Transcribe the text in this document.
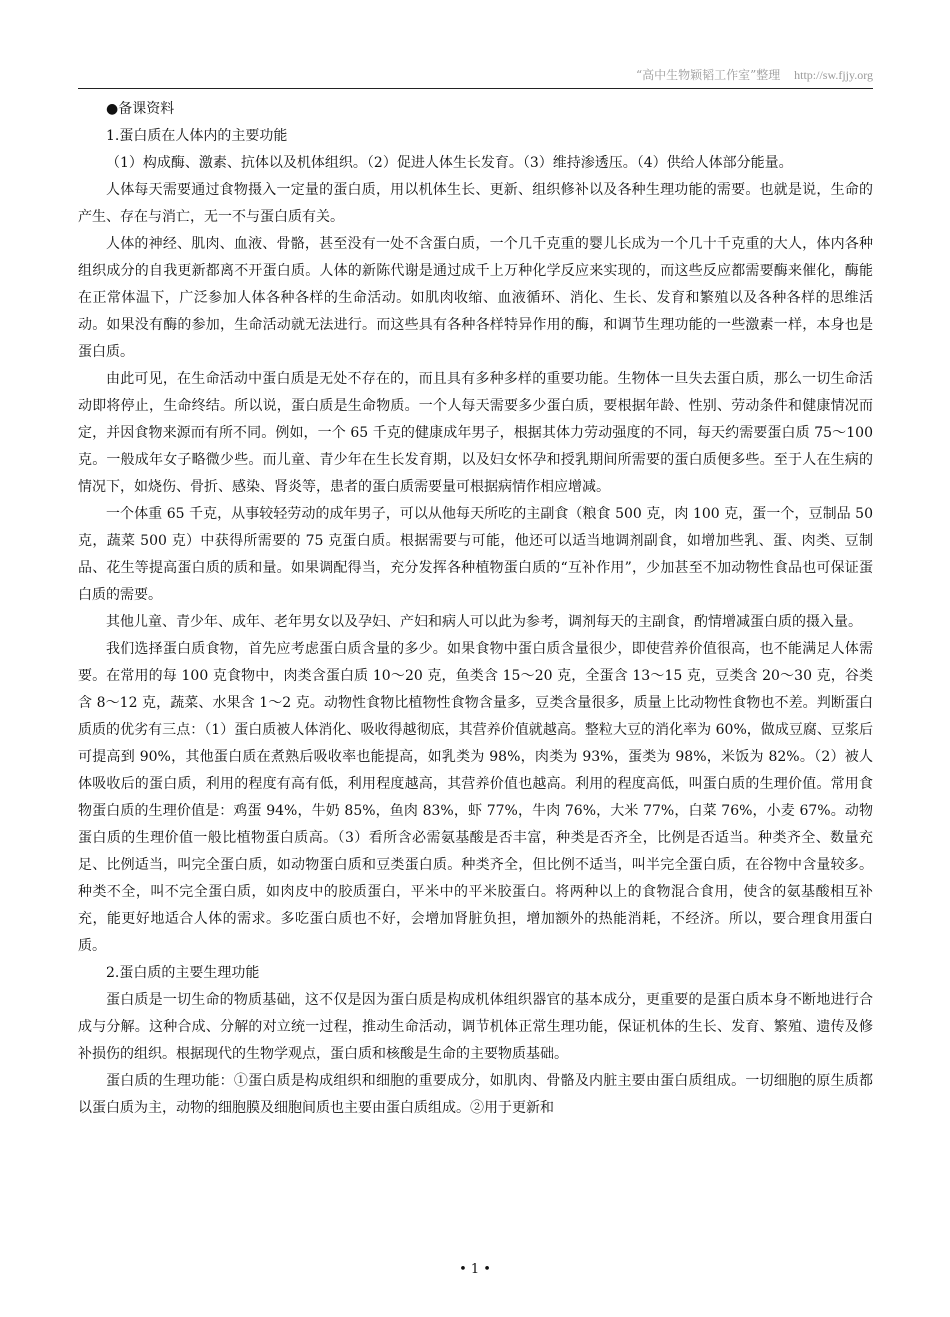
“高中生物颖韬工作室”整理 http://sw.fjjy.org

●备课资料

1.蛋白质在人体内的主要功能

（1）构成酶、激素、抗体以及机体组织。（2）促进人体生长发育。（3）维持渗透压。（4）供给人体部分能量。

人体每天需要通过食物摄入一定量的蛋白质，用以机体生长、更新、组织修补以及各种生理功能的需要。也就是说，生命的产生、存在与消亡，无一不与蛋白质有关。

人体的神经、肌肉、血液、骨骼，甚至没有一处不含蛋白质，一个几千克重的婴儿长成为一个几十千克重的大人，体内各种组织成分的自我更新都离不开蛋白质。人体的新陈代谢是通过成千上万种化学反应来实现的，而这些反应都需要酶来催化，酶能在正常体温下，广泛参加人体各种各样的生命活动。如肌肉收缩、血液循环、消化、生长、发育和繁殖以及各种各样的思维活动。如果没有酶的参加，生命活动就无法进行。而这些具有各种各样特异作用的酶，和调节生理功能的一些激素一样，本身也是蛋白质。

由此可见，在生命活动中蛋白质是无处不存在的，而且具有多种多样的重要功能。生物体一旦失去蛋白质，那么一切生命活动即将停止，生命终结。所以说，蛋白质是生命物质。一个人每天需要多少蛋白质，要根据年龄、性别、劳动条件和健康情况而定，并因食物来源而有所不同。例如，一个 65 千克的健康成年男子，根据其体力劳动强度的不同，每天约需要蛋白质 75～100 克。一般成年女子略微少些。而儿童、青少年在生长发育期，以及妇女怀孕和授乳期间所需要的蛋白质便多些。至于人在生病的情况下，如烧伤、骨折、感染、肾炎等，患者的蛋白质需要量可根据病情作相应增减。

一个体重 65 千克，从事较轻劳动的成年男子，可以从他每天所吃的主副食（粮食 500 克，肉 100 克，蛋一个，豆制品 50 克，蔬菜 500 克）中获得所需要的 75 克蛋白质。根据需要与可能，他还可以适当地调剂副食，如增加些乳、蛋、肉类、豆制品、花生等提高蛋白质的质和量。如果调配得当，充分发挥各种植物蛋白质的“互补作用”，少加甚至不加动物性食品也可保证蛋白质的需要。

其他儿童、青少年、成年、老年男女以及孕妇、产妇和病人可以此为参考，调剂每天的主副食，酌情增减蛋白质的摄入量。

我们选择蛋白质食物，首先应考虑蛋白质含量的多少。如果食物中蛋白质含量很少，即使营养价值很高，也不能满足人体需要。在常用的每 100 克食物中，肉类含蛋白质 10～20 克，鱼类含 15～20 克，全蛋含 13～15 克，豆类含 20～30 克，谷类含 8～12 克，蔬菜、水果含 1～2 克。动物性食物比植物性食物含量多，豆类含量很多，质量上比动物性食物也不差。判断蛋白质质的优劣有三点：（1）蛋白质被人体消化、吸收得越彻底，其营养价值就越高。整粒大豆的消化率为 60%，做成豆腐、豆浆后可提高到 90%，其他蛋白质在煮熟后吸收率也能提高，如乳类为 98%，肉类为 93%，蛋类为 98%，米饭为 82%。（2）被人体吸收后的蛋白质，利用的程度有高有低，利用程度越高，其营养价值也越高。利用的程度高低，叫蛋白质的生理价值。常用食物蛋白质的生理价值是：鸡蛋 94%，牛奶 85%，鱼肉 83%，虾 77%，牛肉 76%，大米 77%，白菜 76%，小麦 67%。动物蛋白质的生理价值一般比植物蛋白质高。（3）看所含必需氨基酸是否丰富，种类是否齐全，比例是否适当。种类齐全、数量充足、比例适当，叫完全蛋白质，如动物蛋白质和豆类蛋白质。种类齐全，但比例不适当，叫半完全蛋白质，在谷物中含量较多。种类不全，叫不完全蛋白质，如肉皮中的胶质蛋白，平米中的平米胶蛋白。将两种以上的食物混合食用，使含的氨基酸相互补充，能更好地适合人体的需求。多吃蛋白质也不好，会增加肾脏负担，增加额外的热能消耗，不经济。所以，要合理食用蛋白质。

2.蛋白质的主要生理功能

蛋白质是一切生命的物质基础，这不仅是因为蛋白质是构成机体组织器官的基本成分，更重要的是蛋白质本身不断地进行合成与分解。这种合成、分解的对立统一过程，推动生命活动，调节机体正常生理功能，保证机体的生长、发育、繁殖、遗传及修补损伤的组织。根据现代的生物学观点，蛋白质和核酸是生命的主要物质基础。

蛋白质的生理功能：①蛋白质是构成组织和细胞的重要成分，如肌肉、骨骼及内脏主要由蛋白质组成。一切细胞的原生质都以蛋白质为主，动物的细胞膜及细胞间质也主要由蛋白质组成。②用于更新和

• 1 •
